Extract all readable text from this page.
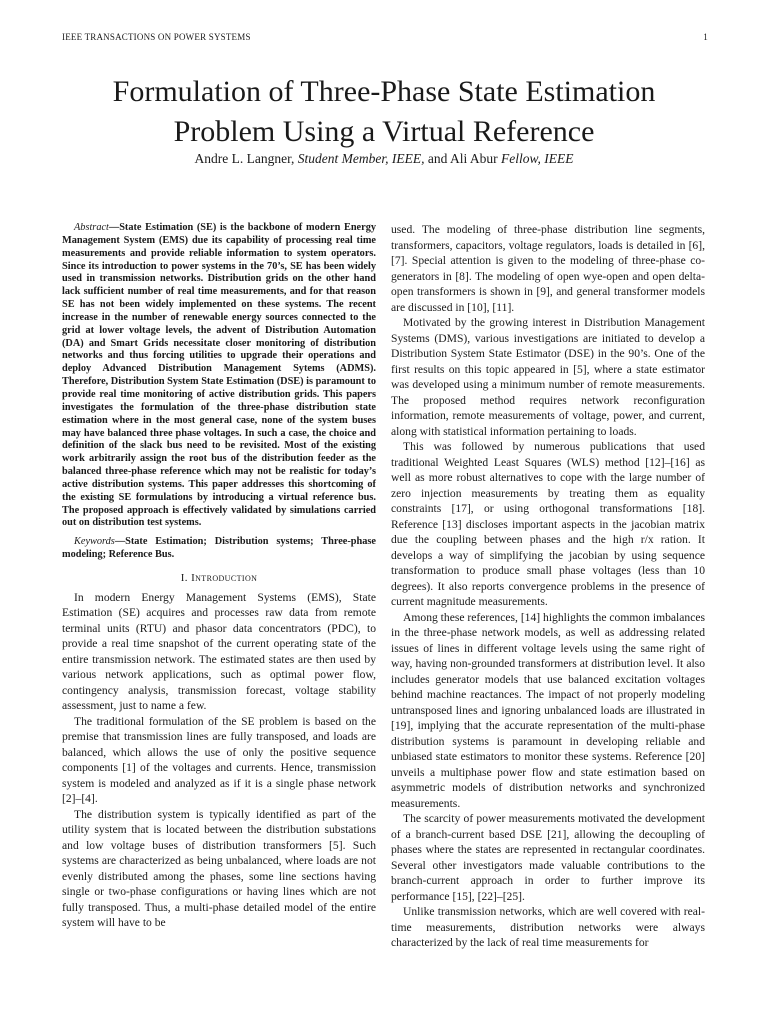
IEEE TRANSACTIONS ON POWER SYSTEMS	1
Formulation of Three-Phase State Estimation
Problem Using a Virtual Reference
Andre L. Langner, Student Member, IEEE, and Ali Abur Fellow, IEEE

Abstract—State Estimation (SE) is the backbone of modern Energy Management System (EMS) due its capability of processing real time measurements and provide reliable information to system operators. Since its introduction to power systems in the 70’s, SE has been widely used in transmission networks. Distribution grids on the other hand lack sufficient number of real time measurements, and for that reason SE has not been widely implemented on these systems. The recent increase in the number of renewable energy sources connected to the grid at lower voltage levels, the advent of Distribution Automation (DA) and Smart Grids necessitate closer monitoring of distribution networks and thus forcing utilities to upgrade their operations and deploy Advanced Distribution Management Sytems (ADMS). Therefore, Distribution System State Estimation (DSE) is paramount to provide real time monitoring of active distribution grids. This papers investigates the formulation of the three-phase distribution state estimation where in the most general case, none of the system buses may have balanced three phase voltages. In such a case, the choice and definition of the slack bus need to be revisited. Most of the existing work arbitrarily assign the root bus of the distribution feeder as the balanced three-phase reference which may not be realistic for today’s active distribution systems. This paper addresses this shortcoming of the existing SE formulations by introducing a virtual reference bus. The proposed approach is effectively validated by simulations carried out on distribution test systems.

Keywords—State Estimation; Distribution systems; Three-phase modeling; Reference Bus.
I. Introduction

In modern Energy Management Systems (EMS), State Estimation (SE) acquires and processes raw data from remote terminal units (RTU) and phasor data concentrators (PDC), to provide a real time snapshot of the current operating state of the entire transmission network. The estimated states are then used by various network applications, such as optimal power flow, contingency analysis, transmission forecast, voltage stability assessment, just to name a few.

The traditional formulation of the SE problem is based on the premise that transmission lines are fully transposed, and loads are balanced, which allows the use of only the positive sequence components [1] of the voltages and currents. Hence, transmission system is modeled and analyzed as if it is a single phase network [2]–[4].

The distribution system is typically identified as part of the utility system that is located between the distribution substations and low voltage buses of distribution transformers [5]. Such systems are characterized as being unbalanced, where loads are not evenly distributed among the phases, some line sections having single or two-phase configurations or having lines which are not fully transposed. Thus, a multi-phase detailed model of the entire system will have to be

used. The modeling of three-phase distribution line segments, transformers, capacitors, voltage regulators, loads is detailed in [6], [7]. Special attention is given to the modeling of three-phase co-generators in [8]. The modeling of open wye-open and open delta-open transformers is shown in [9], and general transformer models are discussed in [10], [11].

Motivated by the growing interest in Distribution Management Systems (DMS), various investigations are initiated to develop a Distribution System State Estimator (DSE) in the 90’s. One of the first results on this topic appeared in [5], where a state estimator was developed using a minimum number of remote measurements. The proposed method requires network reconfiguration information, remote measurements of voltage, power, and current, along with statistical information pertaining to loads.

This was followed by numerous publications that used traditional Weighted Least Squares (WLS) method [12]–[16] as well as more robust alternatives to cope with the large number of zero injection measurements by treating them as equality constraints [17], or using orthogonal transformations [18]. Reference [13] discloses important aspects in the jacobian matrix due the coupling between phases and the high r/x ration. It develops a way of simplifying the jacobian by using sequence transformation to produce small phase voltages (less than 10 degrees). It also reports convergence problems in the presence of current magnitude measurements.

Among these references, [14] highlights the common imbalances in the three-phase network models, as well as addressing related issues of lines in different voltage levels using the same right of way, having non-grounded transformers at distribution level. It also includes generator models that use balanced excitation voltages behind machine reactances. The impact of not properly modeling untransposed lines and ignoring unbalanced loads are illustrated in [19], implying that the accurate representation of the multi-phase distribution systems is paramount in developing reliable and unbiased state estimators to monitor these systems. Reference [20] unveils a multiphase power flow and state estimation based on asymmetric models of distribution networks and synchronized measurements.

The scarcity of power measurements motivated the development of a branch-current based DSE [21], allowing the decoupling of phases where the states are represented in rectangular coordinates. Several other investigators made valuable contributions to the branch-current approach in order to further improve its performance [15], [22]–[25].

Unlike transmission networks, which are well covered with real-time measurements, distribution networks were always characterized by the lack of real time measurements for
